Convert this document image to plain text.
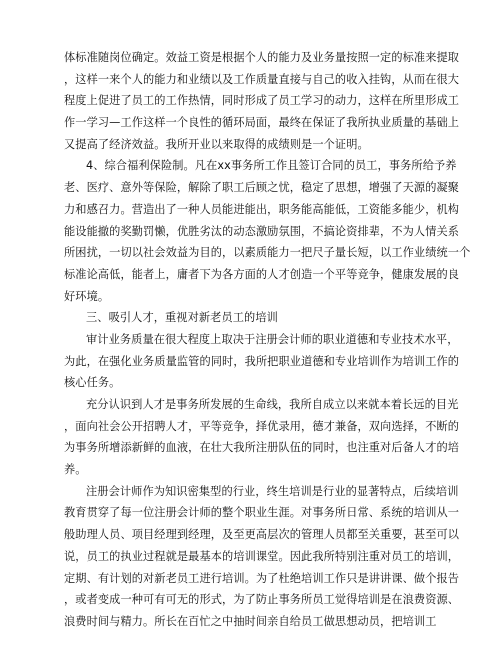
体标准随岗位确定。效益工资是根据个人的能力及业务量按照一定的标准来提取
，这样一来个人的能力和业绩以及工作质量直接与自己的收入挂钩，从而在很大
程度上促进了员工的工作热情，同时形成了员工学习的动力，这样在所里形成工
作一学习—工作这样一个良性的循环局面，最终在保证了我所执业质量的基础上
又提高了经济效益。我所开业以来取得的成绩则是一个证明。
4、综合福利保险制。凡在xx事务所工作且签订合同的员工，事务所给予养
老、医疗、意外等保险，解除了职工后顾之忧，稳定了思想，增强了天源的凝聚
力和感召力。营造出了一种人员能进能出，职务能高能低，工资能多能少，机构
能设能撤的奖勤罚懒，优胜劣汰的动态激励氛围，不搞论资排辈，不为人情关系
所困扰，一切以社会效益为目的，以素质能力一把尺子量长短，以工作业绩统一个
标准论高低，能者上，庸者下为各方面的人才创造一个平等竞争，健康发展的良
好环境。
三、吸引人才，重视对新老员工的培训
审计业务质量在很大程度上取决于注册会计师的职业道德和专业技术水平，
为此，在强化业务质量监管的同时，我所把职业道德和专业培训作为培训工作的
核心任务。
充分认识到人才是事务所发展的生命线，我所自成立以来就本着长远的目光
，面向社会公开招聘人才，平等竞争，择优录用，德才兼备，双向选择，不断的
为事务所增添新鲜的血液，在壮大我所注册队伍的同时，也注重对后备人才的培
养。
注册会计师作为知识密集型的行业，终生培训是行业的显著特点，后续培训
教育贯穿了每一位注册会计师的整个职业生涯。对事务所日常、系统的培训从一
般助理人员、项目经理到经理，及至更高层次的管理人员都至关重要，甚至可以
说，员工的执业过程就是最基本的培训课堂。因此我所特别注重对员工的培训，
定期、有计划的对新老员工进行培训。为了杜绝培训工作只是讲讲课、做个报告
，或者变成一种可有可无的形式，为了防止事务所员工觉得培训是在浪费资源、
浪费时间与精力。所长在百忙之中抽时间亲自给员工做思想动员，把培训工
